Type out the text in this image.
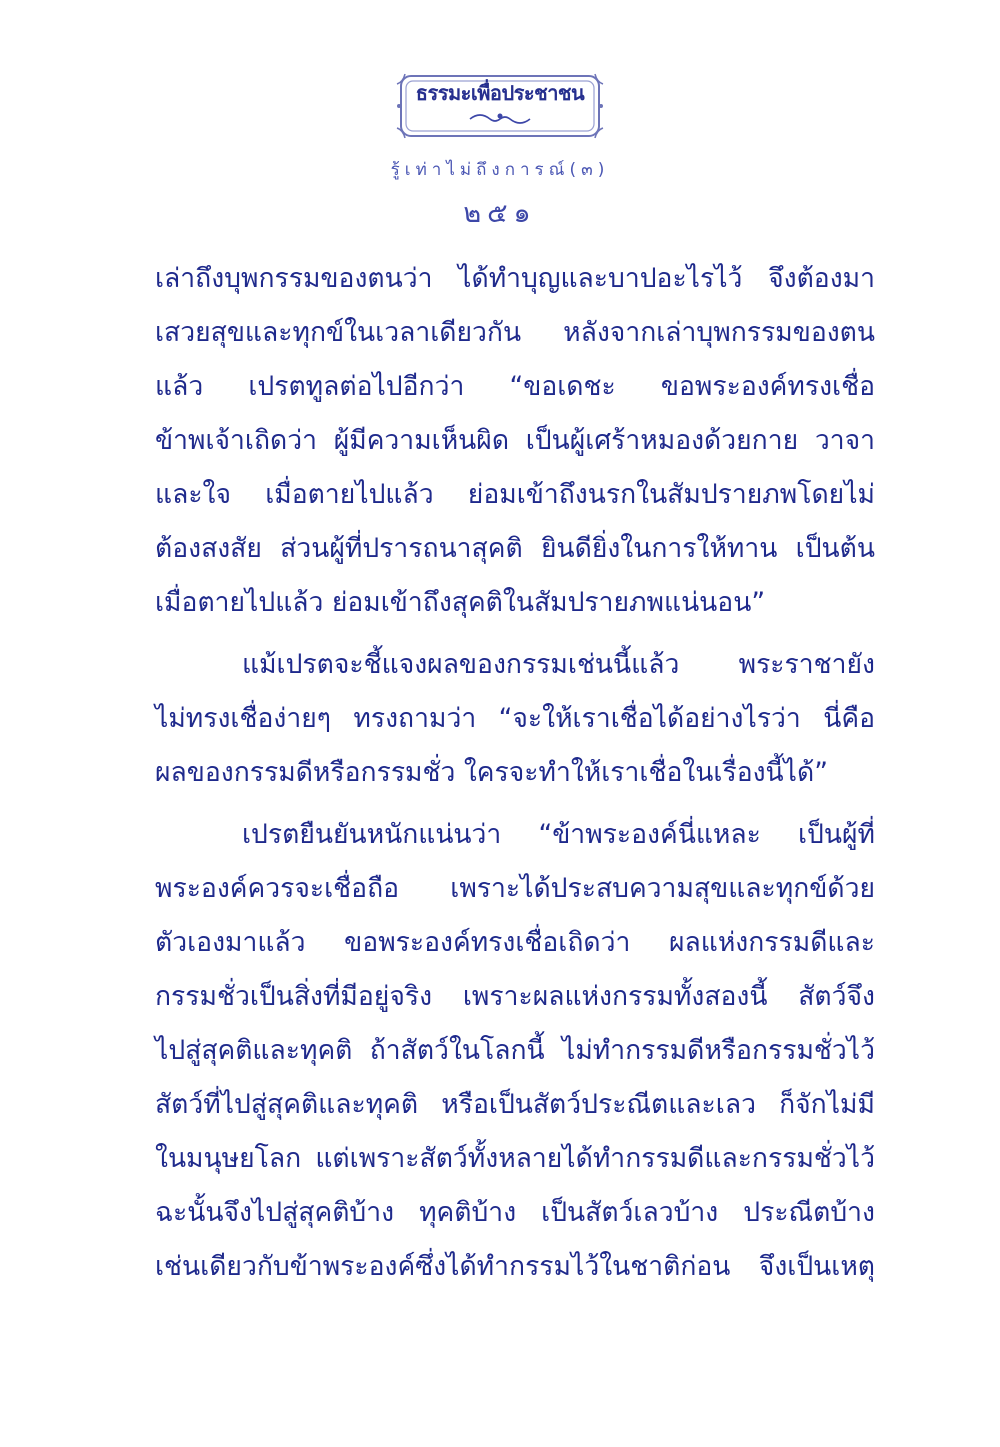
ธรรมะเพื่อประชาชน
รู้เท่าไม่ถึงการณ์(๓)
๒๕๑

เล่าถึงบุพกรรมของตนว่า ได้ทำบุญและบาปอะไรไว้ จึงต้องมา
เสวยสุขและทุกข์ในเวลาเดียวกัน หลังจากเล่าบุพกรรมของตน
แล้ว เปรตทูลต่อไปอีกว่า “ขอเดชะ ขอพระองค์ทรงเชื่อ
ข้าพเจ้าเถิดว่า ผู้มีความเห็นผิด เป็นผู้เศร้าหมองด้วยกาย วาจา
และใจ เมื่อตายไปแล้ว ย่อมเข้าถึงนรกในสัมปรายภพโดยไม่
ต้องสงสัย ส่วนผู้ที่ปรารถนาสุคติ ยินดียิ่งในการให้ทาน เป็นต้น
เมื่อตายไปแล้ว ย่อมเข้าถึงสุคติในสัมปรายภพแน่นอน”

แม้เปรตจะชี้แจงผลของกรรมเช่นนี้แล้ว พระราชายัง
ไม่ทรงเชื่อง่ายๆ ทรงถามว่า “จะให้เราเชื่อได้อย่างไรว่า นี่คือ
ผลของกรรมดีหรือกรรมชั่ว ใครจะทำให้เราเชื่อในเรื่องนี้ได้”

เปรตยืนยันหนักแน่นว่า “ข้าพระองค์นี่แหละ เป็นผู้ที่
พระองค์ควรจะเชื่อถือ เพราะได้ประสบความสุขและทุกข์ด้วย
ตัวเองมาแล้ว ขอพระองค์ทรงเชื่อเถิดว่า ผลแห่งกรรมดีและ
กรรมชั่วเป็นสิ่งที่มีอยู่จริง เพราะผลแห่งกรรมทั้งสองนี้ สัตว์จึง
ไปสู่สุคติและทุคติ ถ้าสัตว์ในโลกนี้ ไม่ทำกรรมดีหรือกรรมชั่วไว้
สัตว์ที่ไปสู่สุคติและทุคติ หรือเป็นสัตว์ประณีตและเลว ก็จักไม่มี
ในมนุษยโลก แต่เพราะสัตว์ทั้งหลายได้ทำกรรมดีและกรรมชั่วไว้
ฉะนั้นจึงไปสู่สุคติบ้าง ทุคติบ้าง เป็นสัตว์เลวบ้าง ประณีตบ้าง
เช่นเดียวกับข้าพระองค์ซึ่งได้ทำกรรมไว้ในชาติก่อน จึงเป็นเหตุ
